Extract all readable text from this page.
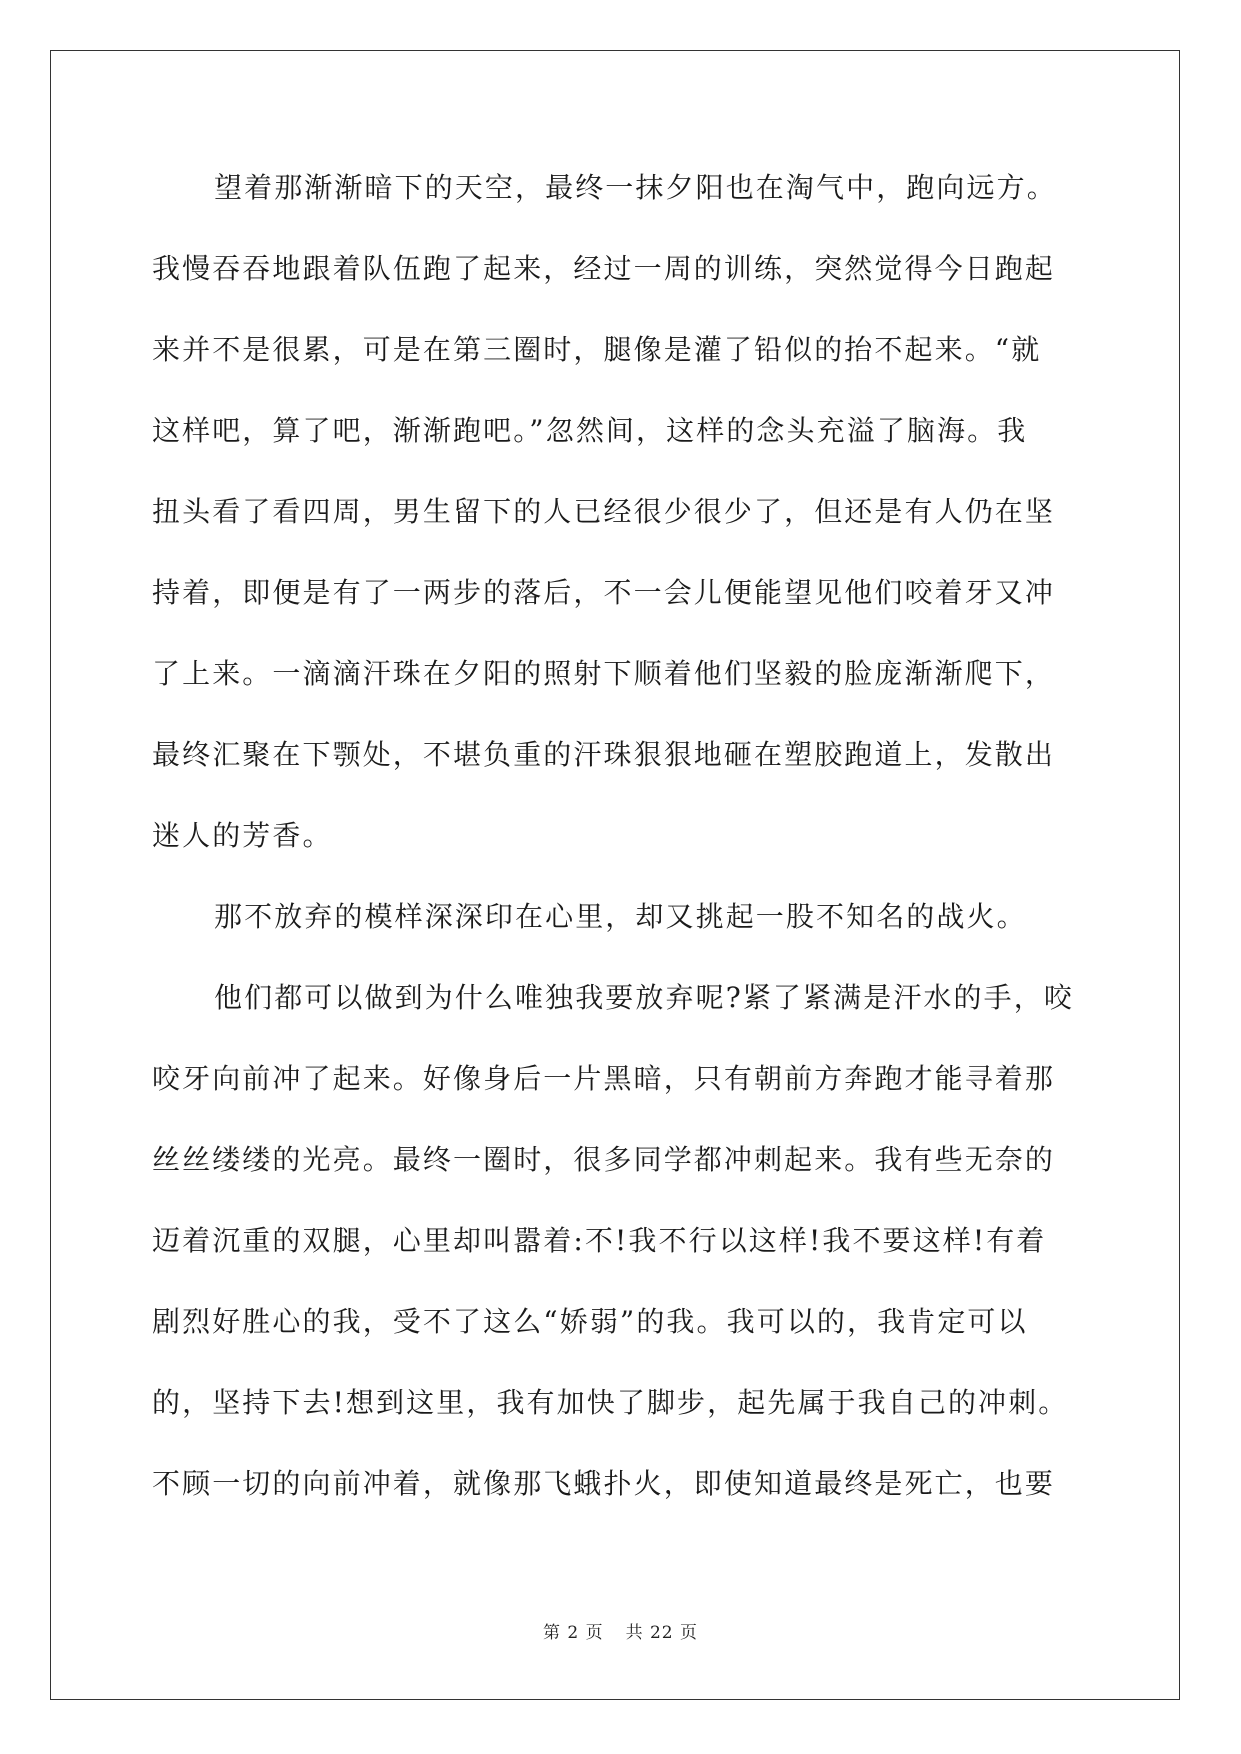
望着那渐渐暗下的天空，最终一抹夕阳也在淘气中，跑向远方。
我慢吞吞地跟着队伍跑了起来，经过一周的训练，突然觉得今日跑起
来并不是很累，可是在第三圈时，腿像是灌了铅似的抬不起来。“就
这样吧，算了吧，渐渐跑吧。”忽然间，这样的念头充溢了脑海。我
扭头看了看四周，男生留下的人已经很少很少了，但还是有人仍在坚
持着，即便是有了一两步的落后，不一会儿便能望见他们咬着牙又冲
了上来。一滴滴汗珠在夕阳的照射下顺着他们坚毅的脸庞渐渐爬下，
最终汇聚在下颚处，不堪负重的汗珠狠狠地砸在塑胶跑道上，发散出
迷人的芳香。
那不放弃的模样深深印在心里，却又挑起一股不知名的战火。
他们都可以做到为什么唯独我要放弃呢?紧了紧满是汗水的手，咬
咬牙向前冲了起来。好像身后一片黑暗，只有朝前方奔跑才能寻着那
丝丝缕缕的光亮。最终一圈时，很多同学都冲刺起来。我有些无奈的
迈着沉重的双腿，心里却叫嚣着:不!我不行以这样!我不要这样!有着
剧烈好胜心的我，受不了这么“娇弱”的我。我可以的，我肯定可以
的，坚持下去!想到这里，我有加快了脚步，起先属于我自己的冲刺。
不顾一切的向前冲着，就像那飞蛾扑火，即使知道最终是死亡，也要
第 2 页 共 22 页
